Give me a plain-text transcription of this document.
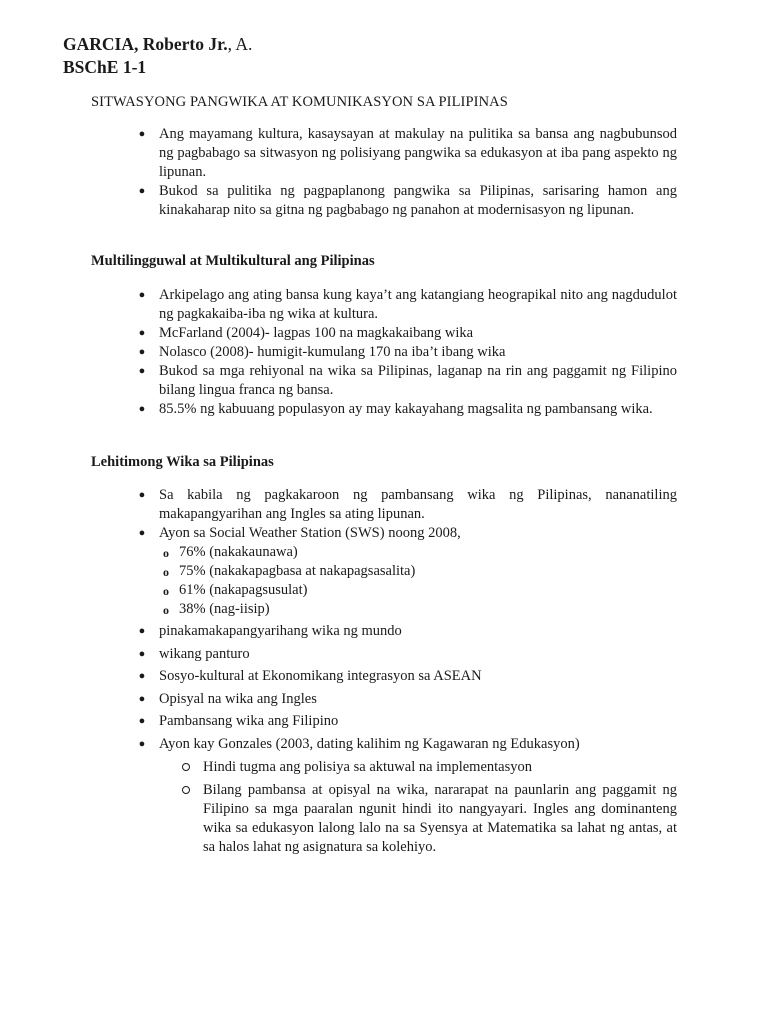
GARCIA, Roberto Jr., A.
BSChE 1-1
SITWASYONG PANGWIKA AT KOMUNIKASYON SA PILIPINAS
● Ang mayamang kultura, kasaysayan at makulay na pulitika sa bansa ang nagbubunsod ng pagbabago sa sitwasyon ng polisiyang pangwika sa edukasyon at iba pang aspekto ng lipunan.
● Bukod sa pulitika ng pagpaplanong pangwika sa Pilipinas, sarisaring hamon ang kinakaharap nito sa gitna ng pagbabago ng panahon at modernisasyon ng lipunan.
Multilingguwal at Multikultural ang Pilipinas
● Arkipelago ang ating bansa kung kaya’t ang katangiang heograpikal nito ang nagdudulot ng pagkakaiba-iba ng wika at kultura.
● McFarland (2004)- lagpas 100 na magkakaibang wika
● Nolasco (2008)- humigit-kumulang 170 na iba’t ibang wika
● Bukod sa mga rehiyonal na wika sa Pilipinas, laganap na rin ang paggamit ng Filipino bilang lingua franca ng bansa.
● 85.5% ng kabuuang populasyon ay may kakayahang magsalita ng pambansang wika.
Lehitimong Wika sa Pilipinas
● Sa kabila ng pagkakaroon ng pambansang wika ng Pilipinas, nananatiling makapangyarihan ang Ingles sa ating lipunan.
● Ayon sa Social Weather Station (SWS) noong 2008,
o 76% (nakakaunawa)
o 75% (nakakapagbasa at nakapagsasalita)
o 61% (nakapagsusulat)
o 38% (nag-iisip)
● pinakamakapangyarihang wika ng mundo
● wikang panturo
● Sosyo-kultural at Ekonomikang integrasyon sa ASEAN
● Opisyal na wika ang Ingles
● Pambansang wika ang Filipino
● Ayon kay Gonzales (2003, dating kalihim ng Kagawaran ng Edukasyon)
Hindi tugma ang polisiya sa aktuwal na implementasyon
Bilang pambansa at opisyal na wika, nararapat na paunlarin ang paggamit ng Filipino sa mga paaralan ngunit hindi ito nangyayari. Ingles ang dominanteng wika sa edukasyon lalong lalo na sa Syensya at Matematika sa lahat ng antas, at sa halos lahat ng asignatura sa kolehiyo.
